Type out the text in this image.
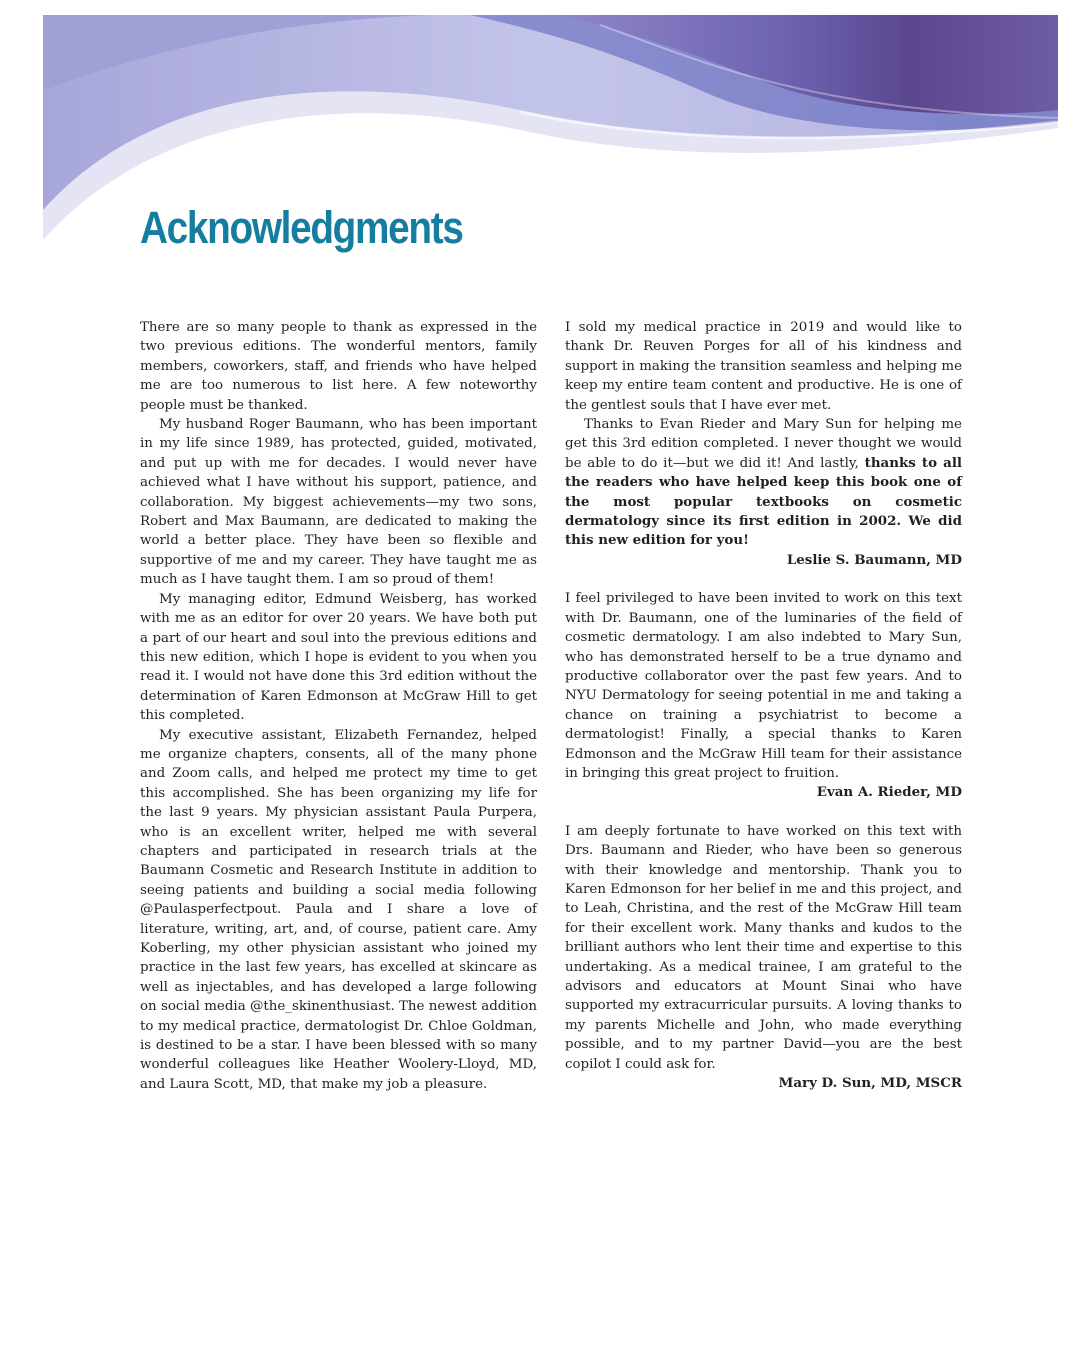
Acknowledgments

There are so many people to thank as expressed in the two previous editions. The wonderful mentors, family members, coworkers, staff, and friends who have helped me are too numerous to list here. A few noteworthy people must be thanked.

My husband Roger Baumann, who has been important in my life since 1989, has protected, guided, motivated, and put up with me for decades. I would never have achieved what I have without his support, patience, and collaboration. My biggest achievements—my two sons, Robert and Max Baumann, are dedicated to making the world a better place. They have been so flexible and supportive of me and my career. They have taught me as much as I have taught them. I am so proud of them!

My managing editor, Edmund Weisberg, has worked with me as an editor for over 20 years. We have both put a part of our heart and soul into the previous editions and this new edition, which I hope is evident to you when you read it. I would not have done this 3rd edition without the determination of Karen Edmonson at McGraw Hill to get this completed.

My executive assistant, Elizabeth Fernandez, helped me organize chapters, consents, all of the many phone and Zoom calls, and helped me protect my time to get this accomplished. She has been organizing my life for the last 9 years. My physician assistant Paula Purpera, who is an excellent writer, helped me with several chapters and participated in research trials at the Baumann Cosmetic and Research Institute in addition to seeing patients and building a social media following @Paulasperfectpout. Paula and I share a love of literature, writing, art, and, of course, patient care. Amy Koberling, my other physician assistant who joined my practice in the last few years, has excelled at skincare as well as injectables, and has developed a large following on social media @the_skinenthusiast. The newest addition to my medical practice, dermatologist Dr. Chloe Goldman, is destined to be a star. I have been blessed with so many wonderful colleagues like Heather Woolery-Lloyd, MD, and Laura Scott, MD, that make my job a pleasure.

I sold my medical practice in 2019 and would like to thank Dr. Reuven Porges for all of his kindness and support in making the transition seamless and helping me keep my entire team content and productive. He is one of the gentlest souls that I have ever met.

Thanks to Evan Rieder and Mary Sun for helping me get this 3rd edition completed. I never thought we would be able to do it—but we did it! And lastly, thanks to all the readers who have helped keep this book one of the most popular textbooks on cosmetic dermatology since its first edition in 2002. We did this new edition for you!

Leslie S. Baumann, MD

I feel privileged to have been invited to work on this text with Dr. Baumann, one of the luminaries of the field of cosmetic dermatology. I am also indebted to Mary Sun, who has demonstrated herself to be a true dynamo and productive collaborator over the past few years. And to NYU Dermatology for seeing potential in me and taking a chance on training a psychiatrist to become a dermatologist! Finally, a special thanks to Karen Edmonson and the McGraw Hill team for their assistance in bringing this great project to fruition.

Evan A. Rieder, MD

I am deeply fortunate to have worked on this text with Drs. Baumann and Rieder, who have been so generous with their knowledge and mentorship. Thank you to Karen Edmonson for her belief in me and this project, and to Leah, Christina, and the rest of the McGraw Hill team for their excellent work. Many thanks and kudos to the brilliant authors who lent their time and expertise to this undertaking. As a medical trainee, I am grateful to the advisors and educators at Mount Sinai who have supported my extracurricular pursuits. A loving thanks to my parents Michelle and John, who made everything possible, and to my partner David—you are the best copilot I could ask for.

Mary D. Sun, MD, MSCR
